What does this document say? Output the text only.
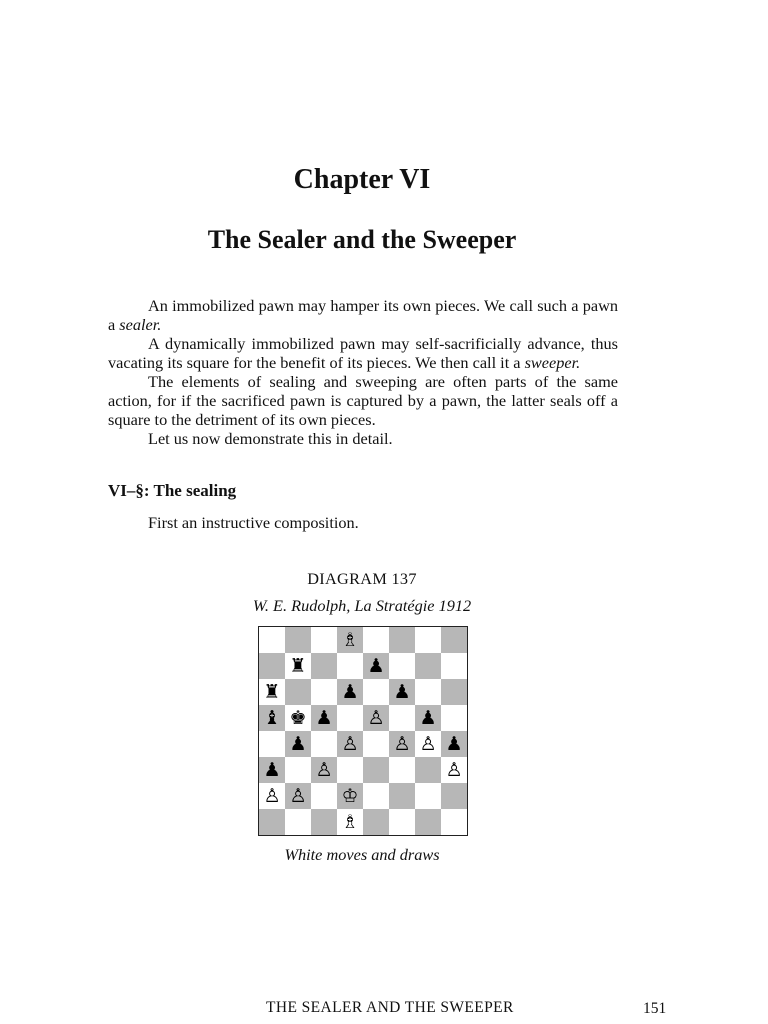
Chapter VI
The Sealer and the Sweeper

An immobilized pawn may hamper its own pieces. We call such a pawn a sealer.

A dynamically immobilized pawn may self-sacrificially advance, thus vacating its square for the benefit of its pieces. We then call it a sweeper.

The elements of sealing and sweeping are often parts of the same action, for if the sacrificed pawn is captured by a pawn, the latter seals off a square to the detriment of its own pieces.

Let us now demonstrate this in detail.

VI–§: The sealing
First an instructive composition.
DIAGRAM 137
W. E. Rudolph, La Stratégie 1912
♗
♜	♟
♜	♟ ♟
♝ ♚ ♟ ♙ ♟
♟ ♙ ♙ ♙ ♟
♟ ♙	♙
♙ ♙ ♔
♗
White moves and draws
THE SEALER AND THE SWEEPER	151
